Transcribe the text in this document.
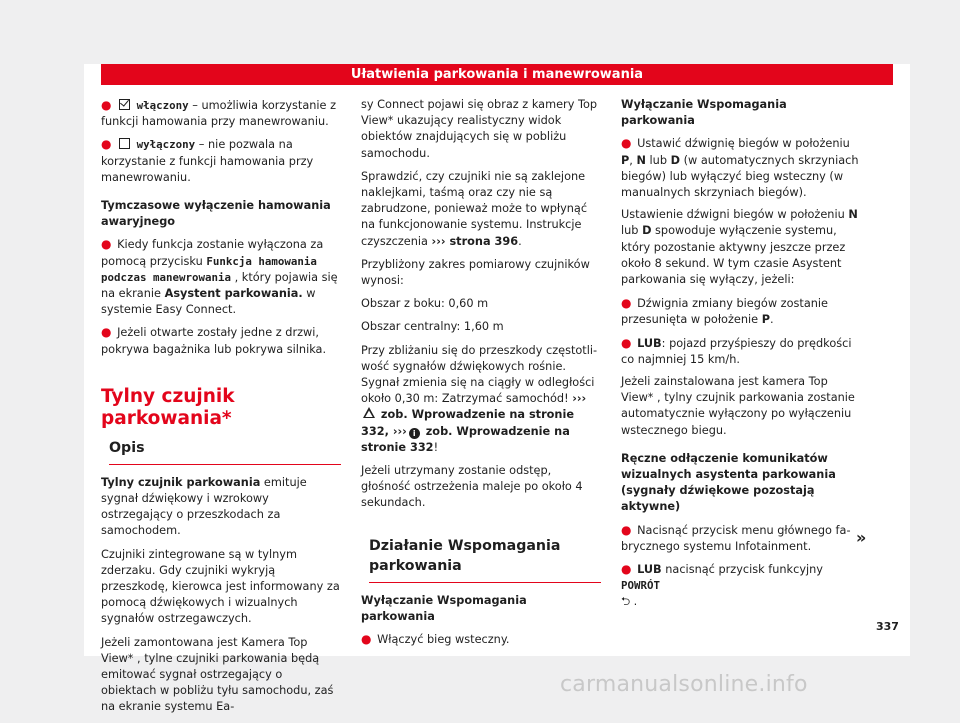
Ułatwienia parkowania i manewrowania

● włączony – umożliwia korzystanie z funkcji hamowania przy manewrowaniu.

● wyłączony – nie pozwala na korzystanie z funkcji hamowania przy manewrowaniu.

Tymczasowe wyłączenie hamowania awaryjnego

● Kiedy funkcja zostanie wyłączona za pomocą przycisku Funkcja hamowania podczas manewrowania , który pojawia się na ekranie Asystent parkowania. w systemie Easy Connect.

● Jeżeli otwarte zostały jedne z drzwi, pokrywa bagażnika lub pokrywa silnika.

Tylny czujnik parkowania*
Opis

Tylny czujnik parkowania emituje sygnał dźwiękowy i wzrokowy ostrzegający o przeszkodach za samochodem.

Czujniki zintegrowane są w tylnym zderzaku. Gdy czujniki wykryją przeszkodę, kierowca jest informowany za pomocą dźwiękowych i wizualnych sygnałów ostrzegawczych.

Jeżeli zamontowana jest Kamera Top View* , tylne czujniki parkowania będą emitować sygnał ostrzegający o obiektach w pobliżu tyłu samochodu, zaś na ekranie systemu Ea-

sy Connect pojawi się obraz z kamery Top View* ukazujący realistyczny widok obiektów znajdujących się w pobliżu samochodu.

Sprawdzić, czy czujniki nie są zaklejone naklejkami, taśmą oraz czy nie są zabrudzone, ponieważ może to wpłynąć na funkcjonowanie systemu. Instrukcje czyszczenia ››› strona 396.

Przybliżony zakres pomiarowy czujników wynosi:

Obszar z boku: 0,60 m

Obszar centralny: 1,60 m

Przy zbliżaniu się do przeszkody częstotliwość sygnałów dźwiękowych rośnie. Sygnał zmienia się na ciągły w odległości około 0,30 m: Zatrzymać samochód! ›››
zob. Wprowadzenie na stronie 332, ››› i zob. Wprowadzenie na stronie 332!

Jeżeli utrzymany zostanie odstęp, głośność ostrzeżenia maleje po około 4 sekundach.

Działanie Wspomagania parkowania

Wyłączanie Wspomagania parkowania

● Włączyć bieg wsteczny.

Wyłączanie Wspomagania parkowania

● Ustawić dźwignię biegów w położeniu P, N lub D (w automatycznych skrzyniach biegów) lub wyłączyć bieg wsteczny (w manualnych skrzyniach biegów).

Ustawienie dźwigni biegów w położeniu N lub D spowoduje wyłączenie systemu, który pozostanie aktywny jeszcze przez około 8 sekund. W tym czasie Asystent parkowania się wyłączy, jeżeli:

● Dźwignia zmiany biegów zostanie przesunięta w położenie P.

● LUB: pojazd przyśpieszy do prędkości co najmniej 15 km/h.

Jeżeli zainstalowana jest kamera Top View* , tylny czujnik parkowania zostanie automatycznie wyłączony po wyłączeniu wstecznego biegu.

Ręczne odłączenie komunikatów wizualnych asystenta parkowania (sygnały dźwiękowe pozostają aktywne)

● Nacisnąć przycisk menu głównego fabrycznego systemu Infotainment.

● LUB nacisnąć przycisk funkcyjny POWRÓT
⮌ .

»
337
carmanualsonline.info
